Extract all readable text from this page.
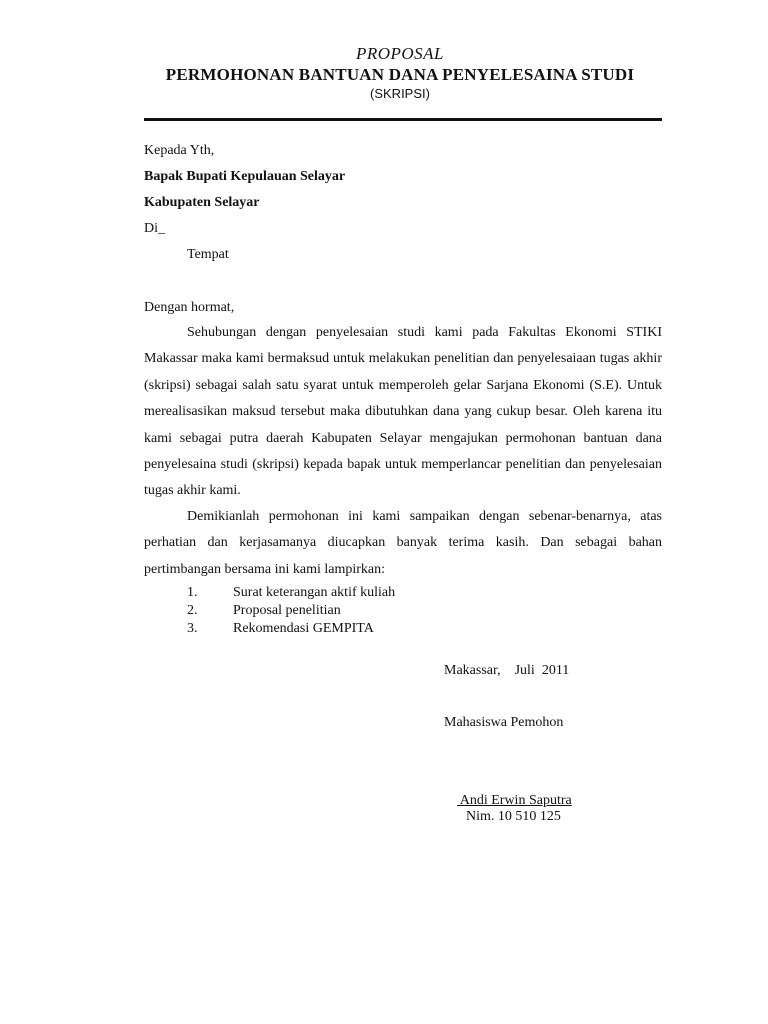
PROPOSAL
PERMOHONAN BANTUAN DANA PENYELESAINA STUDI
(SKRIPSI)
Kepada Yth,
Bapak Bupati Kepulauan Selayar
Kabupaten Selayar
Di_
Tempat
Dengan hormat,

Sehubungan dengan penyelesaian studi kami pada Fakultas Ekonomi STIKI Makassar maka kami bermaksud untuk melakukan penelitian dan penyelesaiaan tugas akhir (skripsi) sebagai salah satu syarat untuk memperoleh gelar Sarjana Ekonomi (S.E). Untuk merealisasikan maksud tersebut maka dibutuhkan dana yang cukup besar. Oleh karena itu kami sebagai putra daerah Kabupaten Selayar mengajukan permohonan bantuan dana penyelesaina studi (skripsi) kepada bapak untuk memperlancar penelitian dan penyelesaian tugas akhir kami.

Demikianlah permohonan ini kami sampaikan dengan sebenar-benarnya, atas perhatian dan kerjasamanya diucapkan banyak terima kasih. Dan sebagai bahan pertimbangan bersama ini kami lampirkan:

1.	Surat keterangan aktif kuliah
2.	Proposal penelitian
3.	Rekomendasi GEMPITA
Makassar,    Juli  2011
Mahasiswa Pemohon
Andi Erwin Saputra
Nim. 10 510 125
